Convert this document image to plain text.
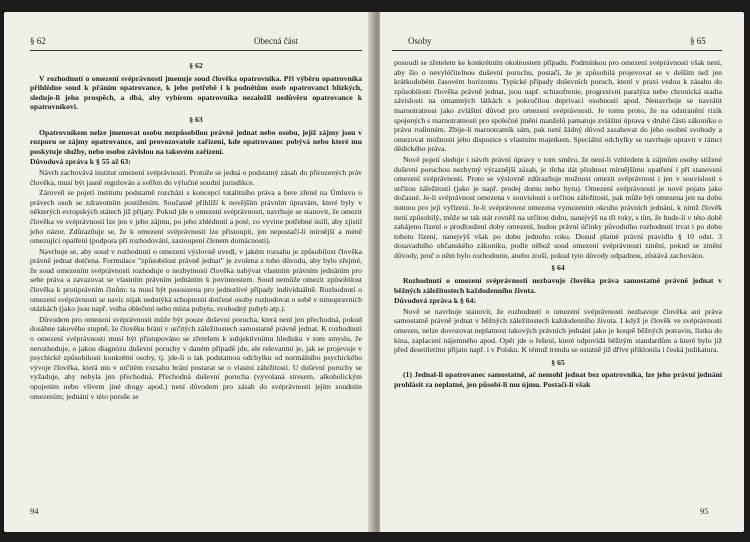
§ 62	Obecná část

§ 62

V rozhodnutí o omezení svéprávnosti jmenuje soud člověka opatrovníka. Při výběru opatrovníka přihlédne soud k přáním opatrovance, k jeho potřebě i k podnětům osob opatrovanci blízkých, sleduje-li jeho prospěch, a dbá, aby vybírem opatrovníka nezaložil nedůvěru opatrovance k opatrovníkovi.

§ 63

Opatrovníkem nelze jmenovat osobu nezpůsobilou právně jednat nebo osobu, jejíž zájmy jsou v rozporu se zájmy opatrovance, ani provozovatele zařízení, kde opatrovanec pobývá nebo které mu poskytuje služby, nebo osobu závislou na takovém zařízení.

Důvodová zpráva k § 55 až 63:

Návrh zachovává institut omezení svéprávnosti. Protože se jedná o podstatný zásah do přirozených práv člověka, musí být jasně regulován a svěřen do výlučné soudní jurisdikce.

Zároveň se pojetí institutu podstatně rozchází s koncepcí totalitního práva a bere zřetel na Úmluvu o právech osob se zdravotním postižením. Současně přihlíží k novějším právním úpravám, které byly v některých evropských státech již přijaty. Pokud jde o omezení svéprávnosti, navrhuje se stanovit, že omezit člověka ve svéprávnosti lze jen v jeho zájmu, po jeho zhlédnutí a poté, co vyvine potřebné úsilí, aby zjistil jeho názor. Zdůrazňuje se, že k omezení svéprávnosti lze přistoupit, jen nepostačí-li mírnější a méně omezující opatření (podpora při rozhodování, zastoupení členem domácnosti).

Navrhuje se, aby soud v rozhodnutí o omezení výslovně uvedl, v jakém rozsahu je způsobilost člověka právně jednat dotčena. Formulace "způsobilost právně jednat" je zvolena z toho důvodu, aby bylo zřejmé, že soud omezením svéprávnosti rozhoduje o nezbytnosti člověka nabývat vlastním právním jednáním pro sebe práva a zavazovat se vlastním právním jednáním k povinnostem. Soud nemůže omezit způsobilost člověka k protiprávním činům: ta musí být posouzena pro jednotlivé případy individuálně. Rozhodnutí o omezení svéprávnosti se navíc nijak nedotýká schopnosti dotčené osoby rozhodovat o sobě v nimopravních otázkách (jako jsou např. volba oblečení nebo místa pobytu, svobodný pohyb atp.).

Důvodem pro omezení svéprávnosti může být pouze duševní porucha, která není jen přechodná, pokud dosáhne takového stupně, že člověku brání v určitých záležitostech samostatně právně jednat. K rozhodnutí o omezení svéprávnosti musí být přistupováno se zřetelem k subjektivnímu hledisku v tom smyslu, že nerozhoduje, o jakou diagnózu duševní poruchy v daném případě jde, ale relevantní je, jak se projevuje v psychické způsobilosti konkrétní osoby, tj. jde-li o tak podstatnou odchylku od normálního psychického vývoje člověka, která mu v určitém rozsahu brání postarat se o vlastní záležitosti. U duševní poruchy se vyžaduje, aby nebyla jen přechodná. Přechodná duševní porucha (vyvolaná stresem, alkoholickým opojením nebo vlivem jiné drogy apod.) není důvodem pro zásah do svéprávnosti jejím soudním omezením; jednání v této poruše se

94
Osoby	§ 65

posoudí se zřetelem ke konkrétním okolnostem případu. Podmínkou pro omezení svéprávnosti však není, aby šlo o nevyléčitelnou duševní poruchu, postačí, že je způsobilá projevovat se v delším než jen krátkodobém časovém horizontu. Typické případy duševních poruch, které v praxi vedou k zásahu do způsobilosti člověka právně jednat, jsou např. schizofrenie, progresivní paralýza nebo chronická stadia závislosti na omamných látkách s pokročilou deprivací osobnosti apod. Nenavrhuje se navrátit marnotratnost jako zvláštní důvod pro omezení svéprávnosti. Je tomu proto, že na odstranění rizik spojených s marnotratností pro společné jmění manželů pamatuje zvláštní úprava v druhé části zákoníku o právu rodinném. Zbije-li marnotratník sám, pak není žádný důvod zasahovat do jeho osobní svobody a omezovat možnosti jeho dispozice s vlastním majetkem. Speciální odchylky se navrhuje upravit v rámci dědického práva.

Nově pojetí sleduje i návrh právní úpravy v tom směru, že není-li vzhledem k zájmům osoby stižené duševní poruchou nezbytný výraznější zásah, je třeba dát přednost mírnějšímu opatření i při stanovení omezení svéprávnosti. Proto se výslovně zdůrazňuje možnost omezit svéprávnost i jen v souvislosti s určitou záležitostí (jako je např. prodej domu nebo bytu). Omezení svéprávnosti je nové pojato jako dočasné. Je-li svéprávnost omezena v souvislosti s určitou záležitostí, pak může být omezena jen na dobu nutnou pro její vyřízení. Je-li svéprávnost omezena vymezením okruhu právních jednání, k nimž člověk není způsobilý, může se tak stát rovněž na určitou dobu, nanejvýš na tři roky, s tím, že bude-li v této době zahájeno řízení o prodloužení doby omezení, budou právní účinky původního rozhodnutí trvat i po dobu tohoto řízení, nanejvýš však po dobu jednoho roku. Dosud platné právní pravidlo § 10 odst. 3 dosavadního občanského zákoníku, podle něhož soud omezení svéprávnosti změní, pokud se změní důvody, proč o něm bylo rozhodnuto, anebo zruší, pokud tyto důvody odpadnou, zůstává zachováno.

§ 64

Rozhodnutí o omezení svéprávnosti nezbavuje člověka práva samostatně právně jednat v běžných záležitostech každodenního života.

Důvodová zpráva k § 64:

Nově se navrhuje stanovit, že rozhodnutí o omezení svéprávnosti nezbavuje člověka ani práva samostatně právně jednat v běžných záležitostech každodenního života. I když je člověk ve svéprávnosti omezen, nelze dovozovat neplatnost takových právních jednání jako je koupě běžných potravin, lístku do kina, zaplacení nájemného apod. Opět jde o řešení, které odpovídá běžným standardům a které bylo již před desetiletími přijato např. i v Polsku. K témuž trendu se ostatně již dříve přiklonila i česká judikatura.

§ 65

(1) Jednal-li opatrovanec samostatně, ač nemohl jednat bez opatrovníka, lze jeho právní jednání prohlásit za neplatné, jen působí-li mu újmu. Postačí-li však

95
